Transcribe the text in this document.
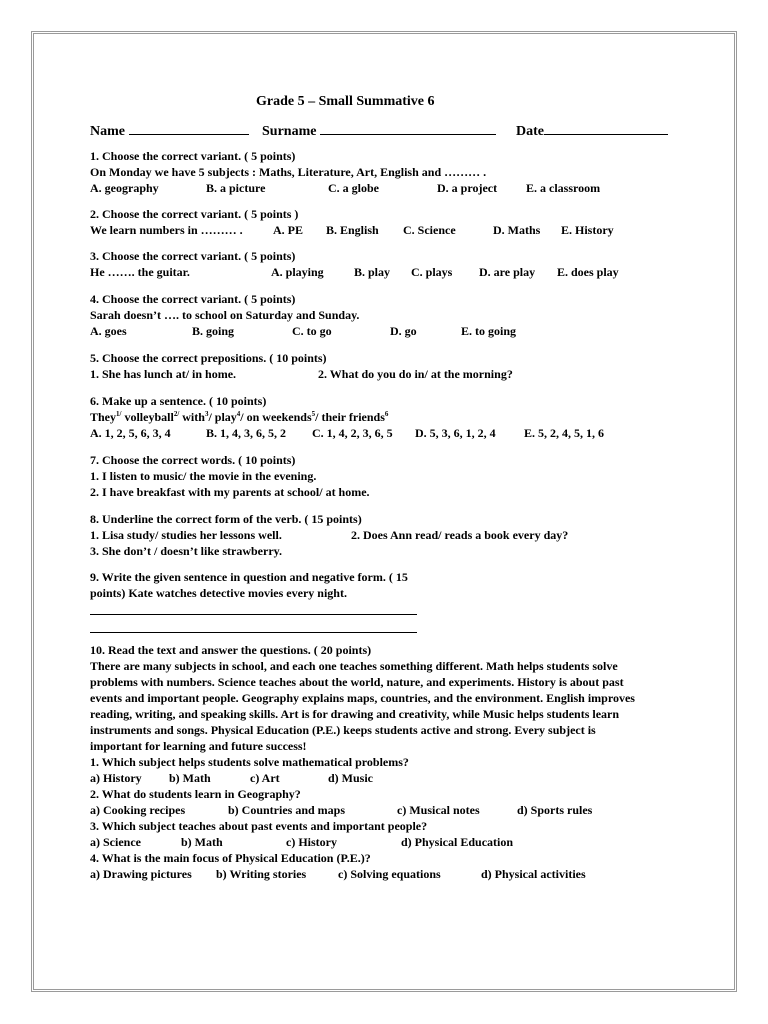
Grade 5 – Small Summative 6
Name	Surname	Date
1. Choose the correct variant. ( 5 points)
On Monday we have 5 subjects : Maths, Literature, Art, English and ……… .
A. geography	B. a picture	C. a globe	D. a project E. a classroom
2. Choose the correct variant. ( 5 points )
We learn numbers in ……… .	A. PE B. English C. Science	D. Maths E. History
3. Choose the correct variant. ( 5 points)
He ……. the guitar.	A. playing	B. play C. plays D. are play E. does play
4. Choose the correct variant. ( 5 points)
Sarah doesn’t …. to school on Saturday and Sunday.
A. goes	B. going	C. to go	D. go	E. to going
5. Choose the correct prepositions. ( 10 points)
1. She has lunch at/ in home.	2. What do you do in/ at the morning?
6. Make up a sentence. ( 10 points)
They$^{1/}$ volleyball$^{2/}$ with$^3$/ play$^4$/ on weekends$^5$/ their friends$^6$
A. 1, 2, 5, 6, 3, 4	B. 1, 4, 3, 6, 5, 2 C. 1, 4, 2, 3, 6, 5 D. 5, 3, 6, 1, 2, 4 E. 5, 2, 4, 5, 1, 6
7. Choose the correct words. ( 10 points)
1. I listen to music/ the movie in the evening.
2. I have breakfast with my parents at school/ at home.
8. Underline the correct form of the verb. ( 15 points)
1. Lisa study/ studies her lessons well.	2. Does Ann read/ reads a book every day?
3. She don’t / doesn’t like strawberry.
9. Write the given sentence in question and negative form. ( 15
points) Kate watches detective movies every night.
10. Read the text and answer the questions. ( 20 points)
There are many subjects in school, and each one teaches something different. Math helps students solve
problems with numbers. Science teaches about the world, nature, and experiments. History is about past
events and important people. Geography explains maps, countries, and the environment. English improves
reading, writing, and speaking skills. Art is for drawing and creativity, while Music helps students learn
instruments and songs. Physical Education (P.E.) keeps students active and strong. Every subject is
important for learning and future success!
1. Which subject helps students solve mathematical problems?
a) History b) Math	c) Art	d) Music
2. What do students learn in Geography?
a) Cooking recipes	b) Countries and maps	c) Musical notes	d) Sports rules
3. Which subject teaches about past events and important people?
a) Science	b) Math	c) History	d) Physical Education
4. What is the main focus of Physical Education (P.E.)?
a) Drawing pictures b) Writing stories	c) Solving equations	d) Physical activities
